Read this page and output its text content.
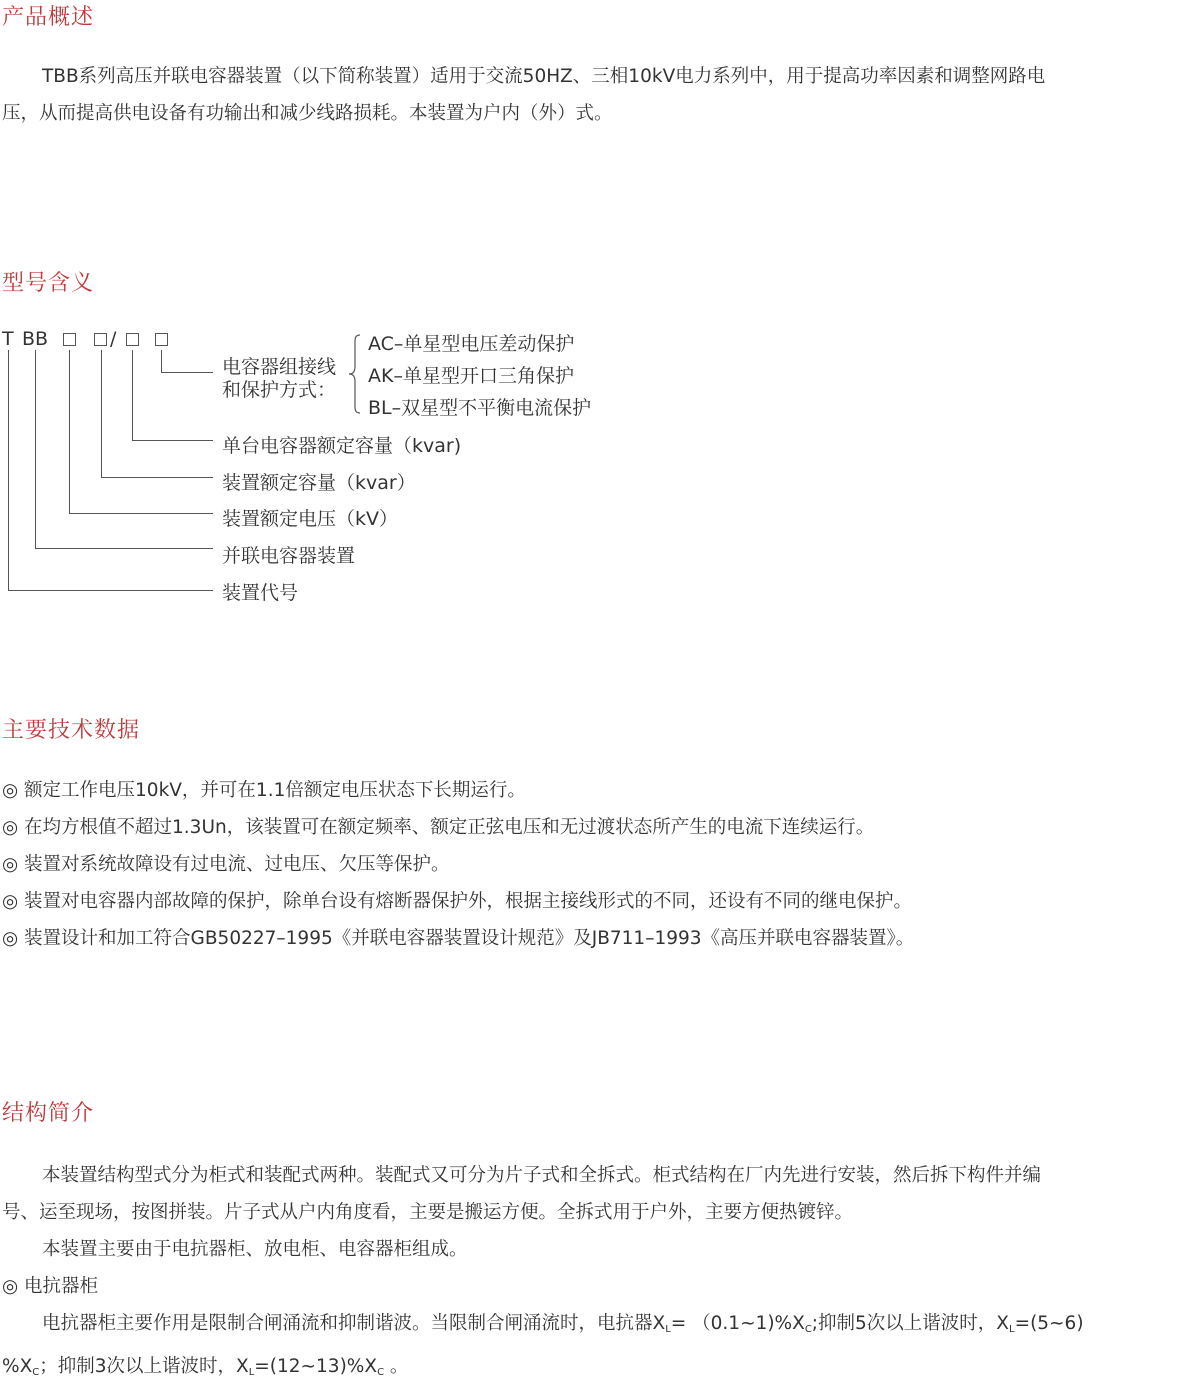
产品概述

TBB系列高压并联电容器装置（以下简称装置）适用于交流50HZ、三相10kV电力系列中，用于提高功率因素和调整网路电

压，从而提高供电设备有功输出和减少线路损耗。本装置为户内（外）式。

型号含义
T BB	/
电容器组接线
和保护方式：
AC–单星型电压差动保护
AK–单星型开口三角保护
BL–双星型不平衡电流保护
单台电容器额定容量（kvar)
装置额定容量（kvar）
装置额定电压（kV）
并联电容器装置
装置代号
主要技术数据
◎ 额定工作电压10kV，并可在1.1倍额定电压状态下长期运行。
◎ 在均方根值不超过1.3Un，该装置可在额定频率、额定正弦电压和无过渡状态所产生的电流下连续运行。
◎ 装置对系统故障设有过电流、过电压、欠压等保护。
◎ 装置对电容器内部故障的保护，除单台设有熔断器保护外，根据主接线形式的不同，还设有不同的继电保护。
◎ 装置设计和加工符合GB50227–1995《并联电容器装置设计规范》及JB711–1993《高压并联电容器装置》。
结构简介

本装置结构型式分为柜式和装配式两种。装配式又可分为片子式和全拆式。柜式结构在厂内先进行安装，然后拆下构件并编

号、运至现场，按图拼装。片子式从户内角度看，主要是搬运方便。全拆式用于户外，主要方便热镀锌。

本装置主要由于电抗器柜、放电柜、电容器柜组成。

◎ 电抗器柜

电抗器柜主要作用是限制合闸涌流和抑制谐波。当限制合闸涌流时，电抗器$X_L=$ $(0.1\sim 1)\%X_C$;抑制5次以上谐波时，$X_L=(5\sim 6)$

$\%X_C$；抑制3次以上谐波时，$X_L=(12\sim 13)\%X_C$ 。
